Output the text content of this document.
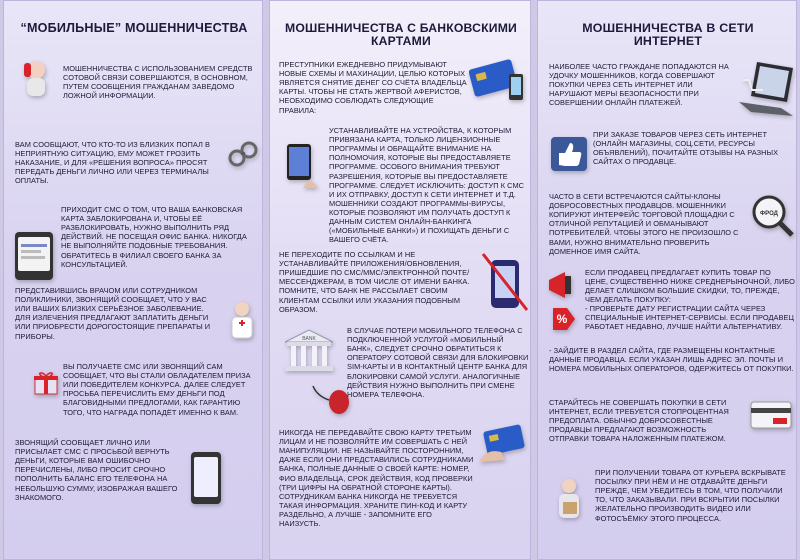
“МОБИЛЬНЫЕ” МОШЕННИЧЕСТВА
МОШЕННИЧЕСТВА С ИСПОЛЬЗОВАНИЕМ СРЕДСТВ СОТОВОЙ СВЯЗИ СОВЕРШАЮТСЯ, В ОСНОВНОМ, ПУТЕМ СООБЩЕНИЯ ГРАЖДАНАМ ЗАВЕДОМО ЛОЖНОЙ ИНФОРМАЦИИ.
ВАМ СООБЩАЮТ, ЧТО КТО-ТО ИЗ БЛИЗКИХ ПОПАЛ В НЕПРИЯТНУЮ СИТУАЦИЮ, ЕМУ МОЖЕТ ГРОЗИТЬ НАКАЗАНИЕ, И ДЛЯ «РЕШЕНИЯ ВОПРОСА» ПРОСЯТ ПЕРЕДАТЬ ДЕНЬГИ ЛИЧНО ИЛИ ЧЕРЕЗ ТЕРМИНАЛЫ ОПЛАТЫ.
ПРИХОДИТ СМС О ТОМ, ЧТО ВАША БАНКОВСКАЯ КАРТА ЗАБЛОКИРОВАНА И, ЧТОБЫ ЕЁ РАЗБЛОКИРОВАТЬ, НУЖНО ВЫПОЛНИТЬ РЯД ДЕЙСТВИЙ. НЕ ПОСЕЩАЯ ОФИС БАНКА. НИКОГДА НЕ ВЫПОЛНЯЙТЕ ПОДОБНЫЕ ТРЕБОВАНИЯ. ОБРАТИТЕСЬ В ФИЛИАЛ СВОЕГО БАНКА ЗА КОНСУЛЬТАЦИЕЙ.
ПРЕДСТАВИВШИСЬ ВРАЧОМ ИЛИ СОТРУДНИКОМ ПОЛИКЛИНИКИ, ЗВОНЯЩИЙ СООБЩАЕТ, ЧТО У ВАС ИЛИ ВАШИХ БЛИЗКИХ СЕРЬЁЗНОЕ ЗАБОЛЕВАНИЕ. ДЛЯ ИЗЛЕЧЕНИЯ ПРЕДЛАГАЮТ ЗАПЛАТИТЬ ДЕНЬГИ ИЛИ ПРИОБРЕСТИ ДОРОГОСТОЯЩИЕ ПРЕПАРАТЫ И ПРИБОРЫ.
ВЫ ПОЛУЧАЕТЕ СМС ИЛИ ЗВОНЯЩИЙ САМ СООБЩАЕТ, ЧТО ВЫ СТАЛИ ОБЛАДАТЕЛЕМ ПРИЗА ИЛИ ПОБЕДИТЕЛЕМ КОНКУРСА. ДАЛЕЕ СЛЕДУЕТ ПРОСЬБА ПЕРЕЧИСЛИТЬ ЕМУ ДЕНЬГИ ПОД БЛАГОВИДНЫМИ ПРЕДЛОГАМИ, КАК ГАРАНТИЮ ТОГО, ЧТО НАГРАДА ПОПАДЁТ ИМЕННО К ВАМ.
ЗВОНЯЩИЙ СООБЩАЕТ ЛИЧНО ИЛИ ПРИСЫЛАЕТ СМС С ПРОСЬБОЙ ВЕРНУТЬ ДЕНЬГИ, КОТОРЫЕ ВАМ ОШИБОЧНО ПЕРЕЧИСЛЕНЫ, ЛИБО ПРОСИТ СРОЧНО ПОПОЛНИТЬ БАЛАНС ЕГО ТЕЛЕФОНА НА НЕБОЛЬШУЮ СУММУ, ИЗОБРАЖАЯ ВАШЕГО ЗНАКОМОГО.
МОШЕННИЧЕСТВА С БАНКОВСКИМИ КАРТАМИ
ПРЕСТУПНИКИ ЕЖЕДНЕВНО ПРИДУМЫВАЮТ НОВЫЕ СХЕМЫ И МАХИНАЦИИ, ЦЕЛЬЮ КОТОРЫХ ЯВЛЯЕТСЯ СНЯТИЕ ДЕНЕГ СО СЧЁТА ВЛАДЕЛЬЦА КАРТЫ. ЧТОБЫ НЕ СТАТЬ ЖЕРТВОЙ АФЕРИСТОВ, НЕОБХОДИМО СОБЛЮДАТЬ СЛЕДУЮЩИЕ ПРАВИЛА:
УСТАНАВЛИВАЙТЕ НА УСТРОЙСТВА, К КОТОРЫМ ПРИВЯЗАНА КАРТА, ТОЛЬКО ЛИЦЕНЗИОННЫЕ ПРОГРАММЫ И ОБРАЩАЙТЕ ВНИМАНИЕ НА ПОЛНОМОЧИЯ, КОТОРЫЕ ВЫ ПРЕДОСТАВЛЯЕТЕ ПРОГРАММЕ. ОСОБОГО ВНИМАНИЯ ТРЕБУЮТ РАЗРЕШЕНИЯ, КОТОРЫЕ ВЫ ПРЕДОСТАВЛЯЕТЕ ПРОГРАММЕ. СЛЕДУЕТ ИСКЛЮЧИТЬ: ДОСТУП К СМС И ИХ ОТПРАВКУ, ДОСТУП К СЕТИ ИНТЕРНЕТ И Т.Д. МОШЕННИКИ СОЗДАЮТ ПРОГРАММЫ-ВИРУСЫ, КОТОРЫЕ ПОЗВОЛЯЮТ ИМ ПОЛУЧАТЬ ДОСТУП К ДАННЫМ СИСТЕМ ОНЛАЙН-БАНКИНГА («МОБИЛЬНЫЕ БАНКИ») И ПОХИЩАТЬ ДЕНЬГИ С ВАШЕГО СЧЁТА.
НЕ ПЕРЕХОДИТЕ ПО ССЫЛКАМ И НЕ УСТАНАВЛИВАЙТЕ ПРИЛОЖЕНИЯ/ОБНОВЛЕНИЯ, ПРИШЕДШИЕ ПО СМС/ММС/ЭЛЕКТРОННОЙ ПОЧТЕ/МЕССЕНДЖЕРАМ, В ТОМ ЧИСЛЕ ОТ ИМЕНИ БАНКА. ПОМНИТЕ, ЧТО БАНК НЕ РАССЫЛАЕТ СВОИМ КЛИЕНТАМ ССЫЛКИ ИЛИ УКАЗАНИЯ ПОДОБНЫМ ОБРАЗОМ.
BANK
В СЛУЧАЕ ПОТЕРИ МОБИЛЬНОГО ТЕЛЕФОНА С ПОДКЛЮЧЕННОЙ УСЛУГОЙ «МОБИЛЬНЫЙ БАНК», СЛЕДУЕТ СРОЧНО ОБРАТИТЬСЯ К ОПЕРАТОРУ СОТОВОЙ СВЯЗИ ДЛЯ БЛОКИРОВКИ SIM-КАРТЫ И В КОНТАКТНЫЙ ЦЕНТР БАНКА ДЛЯ БЛОКИРОВКИ САМОЙ УСЛУГИ. АНАЛОГИЧНЫЕ ДЕЙСТВИЯ НУЖНО ВЫПОЛНИТЬ ПРИ СМЕНЕ НОМЕРА ТЕЛЕФОНА.
НИКОГДА НЕ ПЕРЕДАВАЙТЕ СВОЮ КАРТУ ТРЕТЬИМ ЛИЦАМ И НЕ ПОЗВОЛЯЙТЕ ИМ СОВЕРШАТЬ С НЕЙ МАНИПУЛЯЦИИ. НЕ НАЗЫВАЙТЕ ПОСТОРОННИМ, ДАЖЕ ЕСЛИ ОНИ ПРЕДСТАВИЛИСЬ СОТРУДНИКАМИ БАНКА, ПОЛНЫЕ ДАННЫЕ О СВОЕЙ КАРТЕ: НОМЕР, ФИО ВЛАДЕЛЬЦА, СРОК ДЕЙСТВИЯ, КОД ПРОВЕРКИ (ТРИ ЦИФРЫ НА ОБРАТНОЙ СТОРОНЕ КАРТЫ). СОТРУДНИКАМ БАНКА НИКОГДА НЕ ТРЕБУЕТСЯ ТАКАЯ ИНФОРМАЦИЯ. ХРАНИТЕ ПИН-КОД И КАРТУ РАЗДЕЛЬНО, А ЛУЧШЕ - ЗАПОМНИТЕ ЕГО НАИЗУСТЬ.
МОШЕННИЧЕСТВА В СЕТИ ИНТЕРНЕТ
НАИБОЛЕЕ ЧАСТО ГРАЖДАНЕ ПОПАДАЮТСЯ НА УДОЧКУ МОШЕННИКОВ, КОГДА СОВЕРШАЮТ ПОКУПКИ ЧЕРЕЗ СЕТЬ ИНТЕРНЕТ ИЛИ НАРУШАЮТ МЕРЫ БЕЗОПАСНОСТИ ПРИ СОВЕРШЕНИИ ОНЛАЙН ПЛАТЕЖЕЙ.
ПРИ ЗАКАЗЕ ТОВАРОВ ЧЕРЕЗ СЕТЬ ИНТЕРНЕТ (ОНЛАЙН МАГАЗИНЫ, СОЦ.СЕТИ, РЕСУРСЫ ОБЪЯВЛЕНИЙ), ПОЧИТАЙТЕ ОТЗЫВЫ НА РАЗНЫХ САЙТАХ О ПРОДАВЦЕ.
ФРОД
ЧАСТО В СЕТИ ВСТРЕЧАЮТСЯ САЙТЫ-КЛОНЫ ДОБРОСОВЕСТНЫХ ПРОДАВЦОВ. МОШЕННИКИ КОПИРУЮТ ИНТЕРФЕЙС ТОРГОВОЙ ПЛОЩАДКИ С ОТЛИЧНОЙ РЕПУТАЦИЕЙ И ОБМАНЫВАЮТ ПОТРЕБИТЕЛЕЙ. ЧТОБЫ ЭТОГО НЕ ПРОИЗОШЛО С ВАМИ, НУЖНО ВНИМАТЕЛЬНО ПРОВЕРИТЬ ДОМЕННОЕ ИМЯ САЙТА.
%
ЕСЛИ ПРОДАВЕЦ ПРЕДЛАГАЕТ КУПИТЬ ТОВАР ПО ЦЕНЕ, СУЩЕСТВЕННО НИЖЕ СРЕДНЕРЫНОЧНОЙ, ЛИБО ДЕЛАЕТ СЛИШКОМ БОЛЬШИЕ СКИДКИ, ТО, ПРЕЖДЕ, ЧЕМ ДЕЛАТЬ ПОКУПКУ:
- ПРОВЕРЬТЕ ДАТУ РЕГИСТРАЦИИ САЙТА ЧЕРЕЗ СПЕЦИАЛЬНЫЕ ИНТЕРНЕТ-СЕРВИСЫ. ЕСЛИ ПРОДАВЕЦ РАБОТАЕТ НЕДАВНО, ЛУЧШЕ НАЙТИ АЛЬТЕРНАТИВУ.
- ЗАЙДИТЕ В РАЗДЕЛ САЙТА, ГДЕ РАЗМЕЩЕНЫ КОНТАКТНЫЕ ДАННЫЕ ПРОДАВЦА. ЕСЛИ УКАЗАН ЛИШЬ АДРЕС ЭЛ. ПОЧТЫ И НОМЕРА МОБИЛЬНЫХ ОПЕРАТОРОВ, ОДЕРЖИТЕСЬ ОТ ПОКУПКИ.
СТАРАЙТЕСЬ НЕ СОВЕРШАТЬ ПОКУПКИ В СЕТИ ИНТЕРНЕТ, ЕСЛИ ТРЕБУЕТСЯ СТОПРОЦЕНТНАЯ ПРЕДОПЛАТА. ОБЫЧНО ДОБРОСОВЕСТНЫЕ ПРОДАВЦЫ ПРЕДЛАГАЮТ ВОЗМОЖНОСТЬ ОТПРАВКИ ТОВАРА НАЛОЖЕННЫМ ПЛАТЕЖОМ.
ПРИ ПОЛУЧЕНИИ ТОВАРА ОТ КУРЬЕРА ВСКРЫВАТЕ ПОСЫЛКУ ПРИ НЁМ И НЕ ОТДАВАЙТЕ ДЕНЬГИ ПРЕЖДЕ, ЧЕМ УБЕДИТЕСЬ В ТОМ, ЧТО ПОЛУЧИЛИ ТО, ЧТО ЗАКАЗЫВАЛИ. ПРИ ВСКРЫТИИ ПОСЫЛКИ ЖЕЛАТЕЛЬНО ПРОИЗВОДИТЬ ВИДЕО ИЛИ ФОТОСЪЁМКУ ЭТОГО ПРОЦЕССА.
